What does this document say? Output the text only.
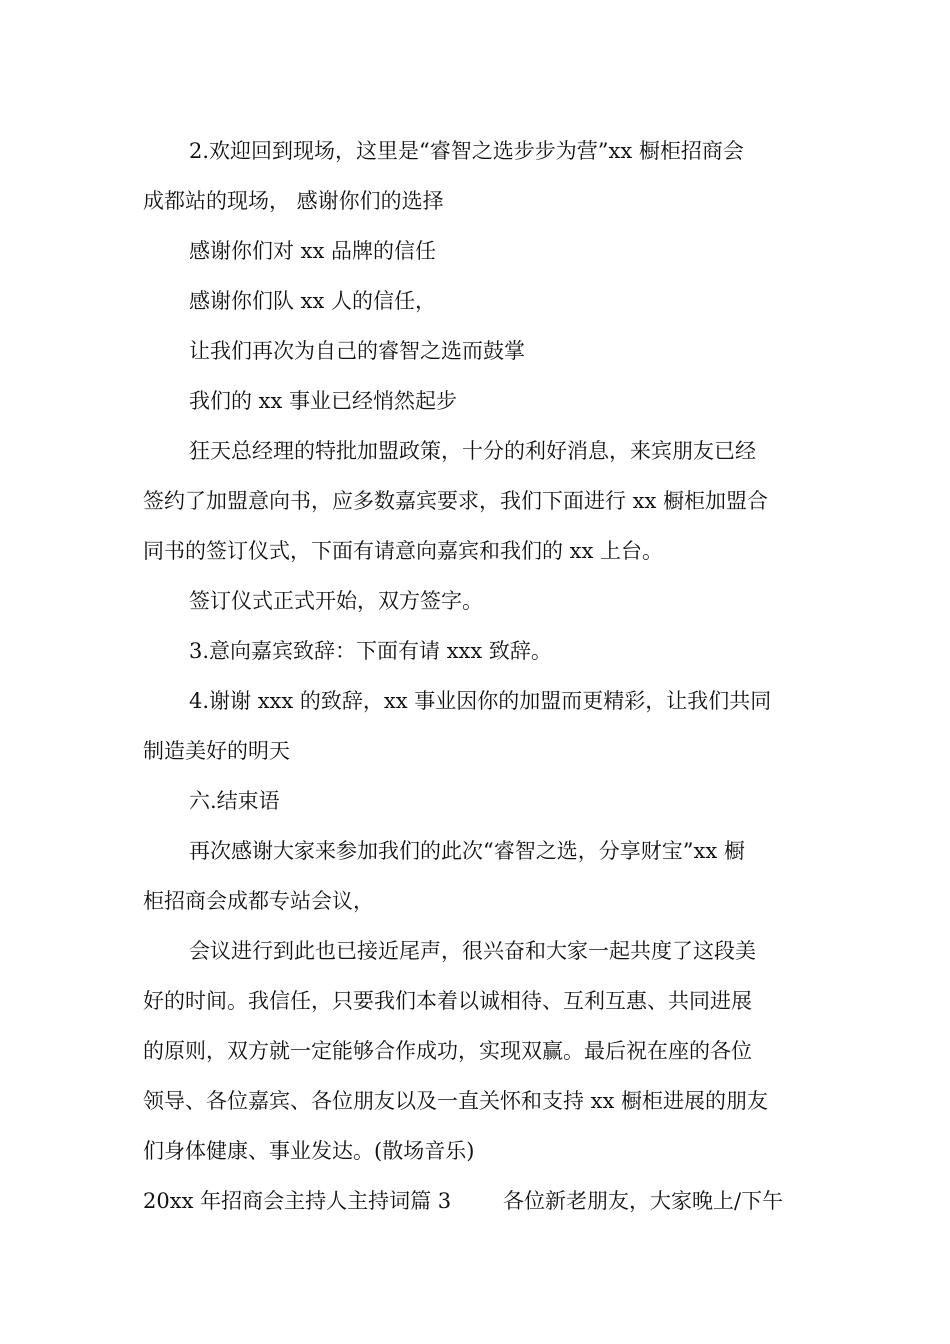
2.欢迎回到现场，这里是“睿智之选步步为营”xx 橱柜招商会
成都站的现场， 感谢你们的选择
感谢你们对 xx 品牌的信任
感谢你们队 xx 人的信任，
让我们再次为自己的睿智之选而鼓掌
我们的 xx 事业已经悄然起步
狂天总经理的特批加盟政策，十分的利好消息，来宾朋友已经
签约了加盟意向书，应多数嘉宾要求，我们下面进行 xx 橱柜加盟合
同书的签订仪式，下面有请意向嘉宾和我们的 xx 上台。
签订仪式正式开始，双方签字。
3.意向嘉宾致辞：下面有请 xxx 致辞。
4.谢谢 xxx 的致辞，xx 事业因你的加盟而更精彩，让我们共同
制造美好的明天
六.结束语
再次感谢大家来参加我们的此次“睿智之选，分享财宝”xx 橱
柜招商会成都专站会议，
会议进行到此也已接近尾声，很兴奋和大家一起共度了这段美
好的时间。我信任，只要我们本着以诚相待、互利互惠、共同进展
的原则，双方就一定能够合作成功，实现双赢。最后祝在座的各位
领导、各位嘉宾、各位朋友以及一直关怀和支持 xx 橱柜进展的朋友
们身体健康、事业发达。(散场音乐)
20xx 年招商会主持人主持词篇 3	各位新老朋友，大家晚上/下午
